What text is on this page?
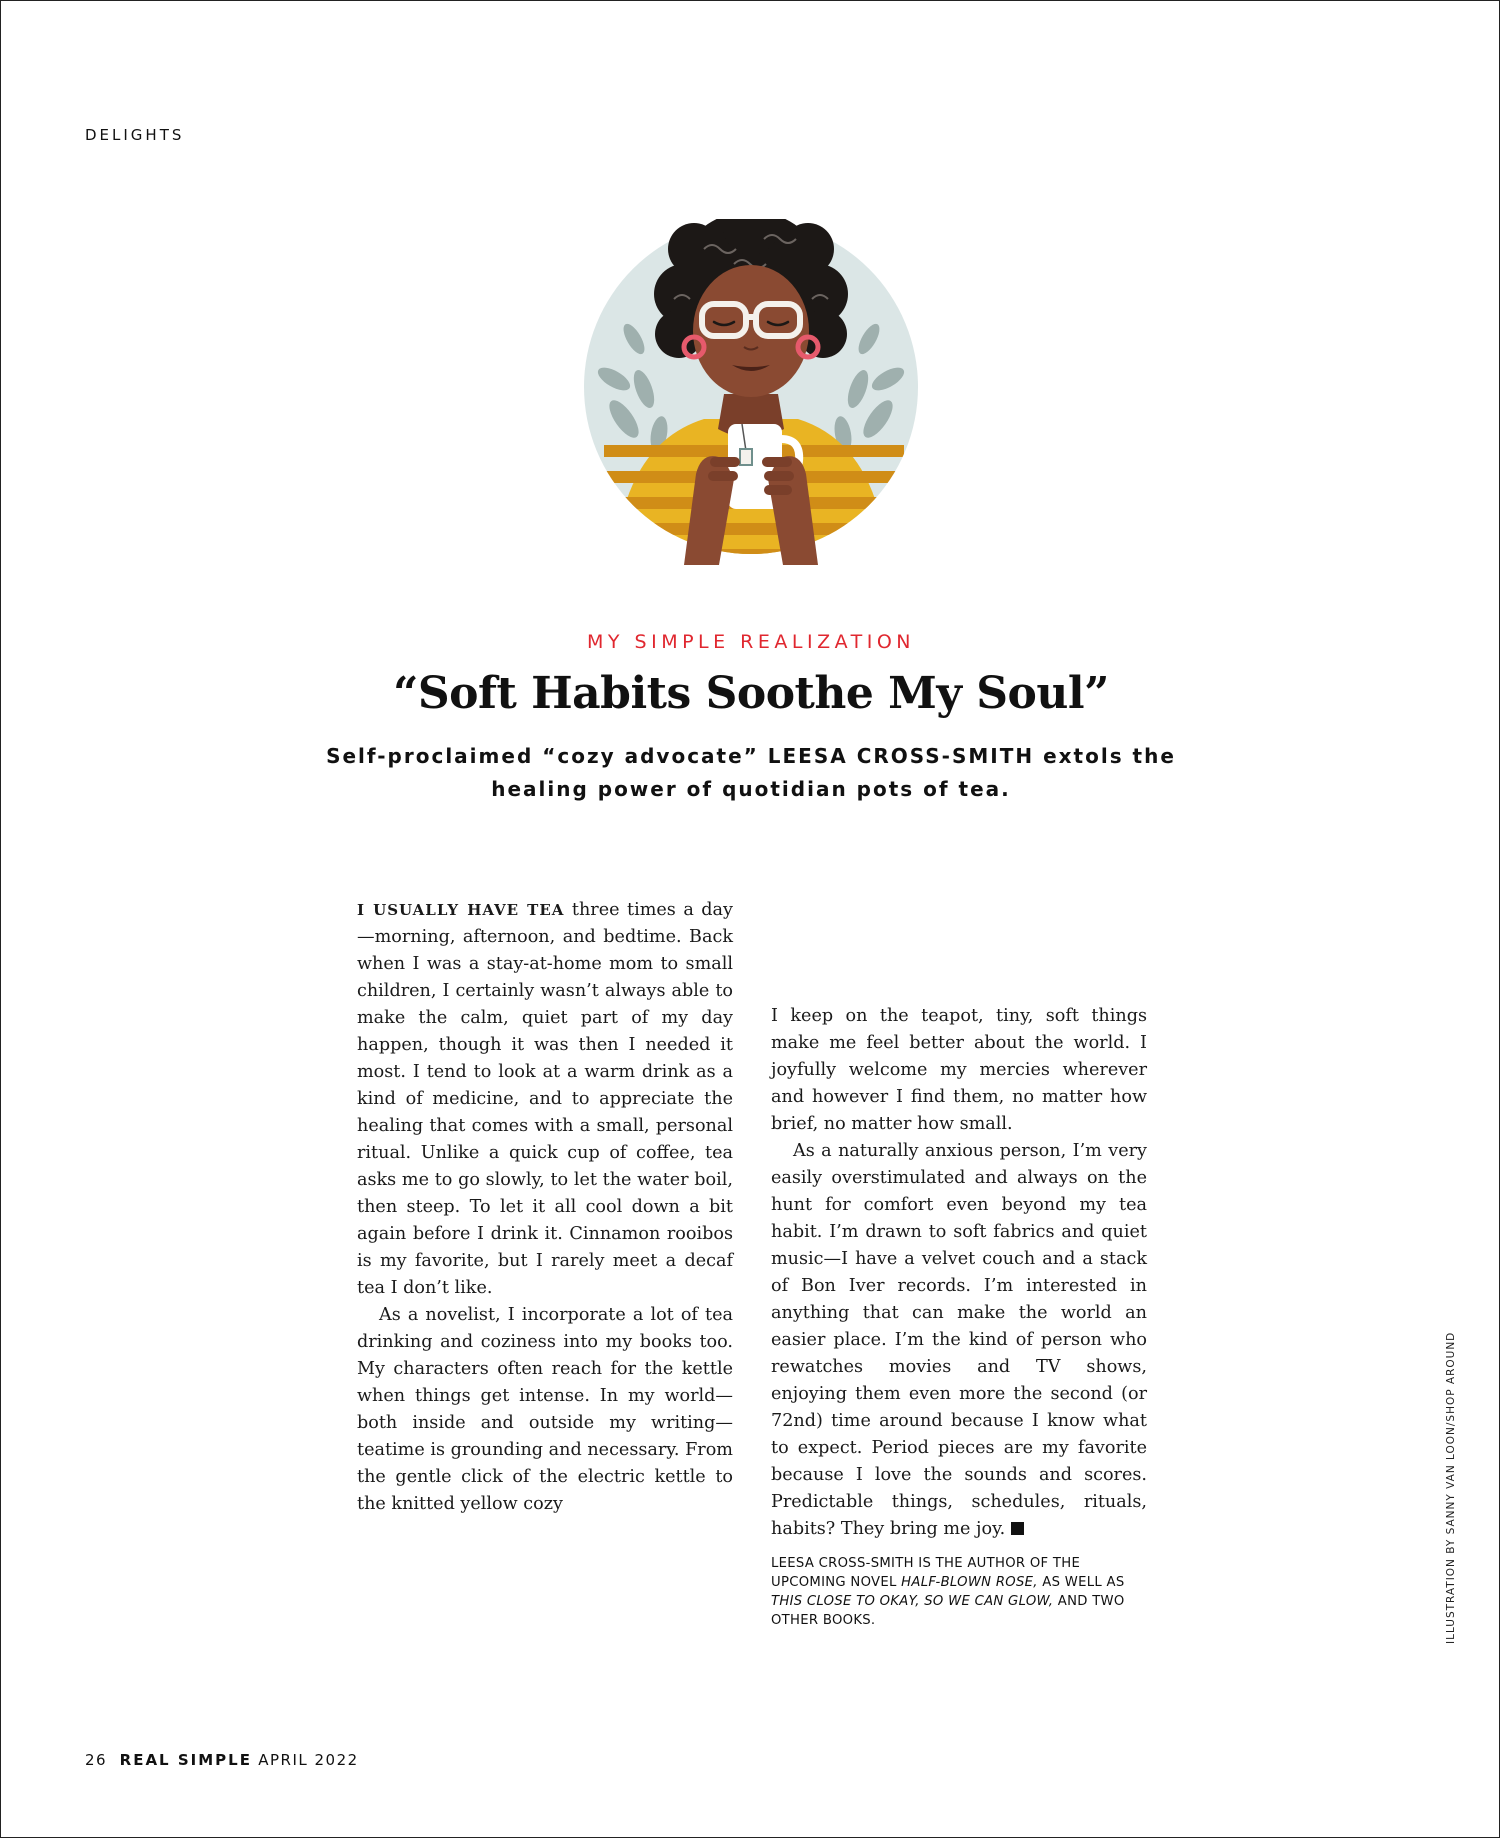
DELIGHTS
MY SIMPLE REALIZATION
“Soft Habits Soothe My Soul”
Self-proclaimed “cozy advocate” LEESA CROSS-SMITH extols the healing power of quotidian pots of tea.

I USUALLY HAVE TEA three times a day—morning, afternoon, and bedtime. Back when I was a stay-at-home mom to small children, I certainly wasn’t always able to make the calm, quiet part of my day happen, though it was then I needed it most. I tend to look at a warm drink as a kind of medicine, and to appreciate the healing that comes with a small, personal ritual. Unlike a quick cup of coffee, tea asks me to go slowly, to let the water boil, then steep. To let it all cool down a bit again before I drink it. Cinnamon rooibos is my favorite, but I rarely meet a decaf tea I don’t like.

As a novelist, I incorporate a lot of tea drinking and coziness into my books too. My characters often reach for the kettle when things get intense. In my world—both inside and outside my writing—teatime is grounding and necessary. From the gentle click of the electric kettle to the knitted yellow cozy

I keep on the teapot, tiny, soft things make me feel better about the world. I joyfully welcome my mercies wherever and however I find them, no matter how brief, no matter how small.

As a naturally anxious person, I’m very easily overstimulated and always on the hunt for comfort even beyond my tea habit. I’m drawn to soft fabrics and quiet music—I have a velvet couch and a stack of Bon Iver records. I’m interested in anything that can make the world an easier place. I’m the kind of person who rewatches movies and TV shows, enjoying them even more the second (or 72nd) time around because I know what to expect. Period pieces are my favorite because I love the sounds and scores. Predictable things, schedules, rituals, habits? They bring me joy.

LEESA CROSS-SMITH IS THE AUTHOR OF THE UPCOMING NOVEL HALF-BLOWN ROSE, AS WELL AS THIS CLOSE TO OKAY, SO WE CAN GLOW, AND TWO OTHER BOOKS.	ILLUSTRATION BY SANNY VAN LOON/SHOP AROUND
26 REAL SIMPLE APRIL 2022
